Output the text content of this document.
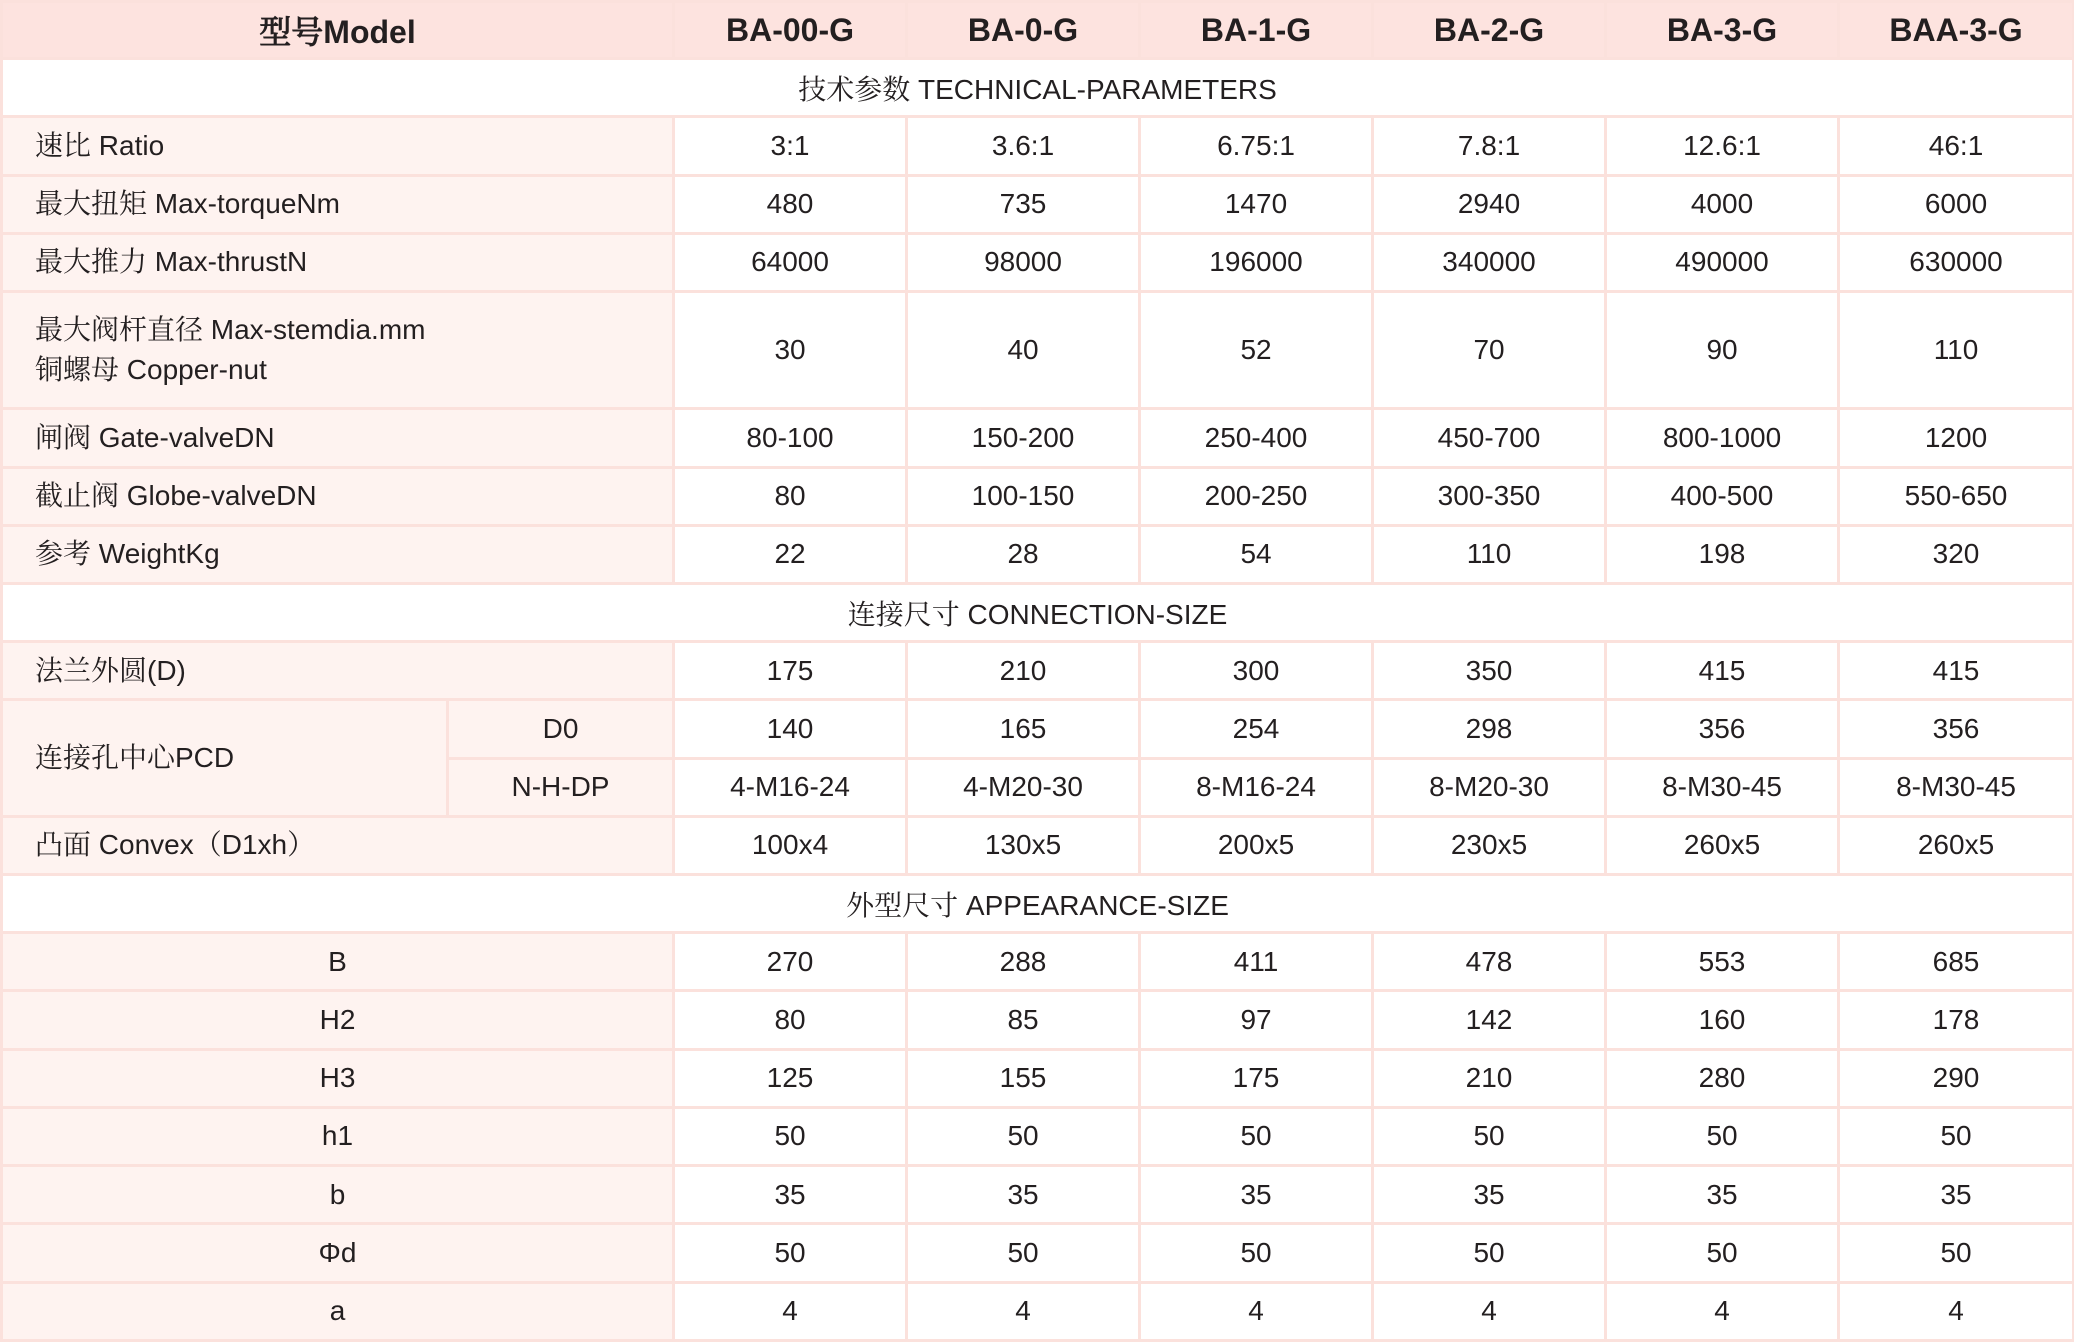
型号Model		BA-00-G	BA-0-G	BA-1-G	BA-2-G	BA-3-G	BAA-3-G
技术参数 TECHNICAL-PARAMETERS							

速比 Ratio		3:1	3.6:1	6.75:1	7.8:1	12.6:1	46:1

最大扭矩 Max-torqueNm		480	735	1470	2940	4000	6000

最大推力 Max-thrustN		64000	98000	196000	340000	490000	630000

最大阀杆直径 Max-stemdia.mm
铜螺母 Copper-nut		30	40	52	70	90	110

闸阀 Gate-valveDN		80-100	150-200	250-400	450-700	800-1000	1200

截止阀 Globe-valveDN		80	100-150	200-250	300-350	400-500	550-650

参考 WeightKg		22	28	54	110	198	320
连接尺寸 CONNECTION-SIZE							
法兰外圆(D)		175	210	300	350	415	415
连接孔中心PCD	D0	140	165	254	298	356	356
	N-H-DP	4-M16-24	4-M20-30	8-M16-24	8-M20-30	8-M30-45	8-M30-45
凸面 Convex（D1xh）		100x4	130x5	200x5	230x5	260x5	260x5
外型尺寸 APPEARANCE-SIZE							
B		270	288	411	478	553	685
H2		80	85	97	142	160	178
H3		125	155	175	210	280	290
h1		50	50	50	50	50	50
b		35	35	35	35	35	35
Φd		50	50	50	50	50	50
a		4	4	4	4	4	4
